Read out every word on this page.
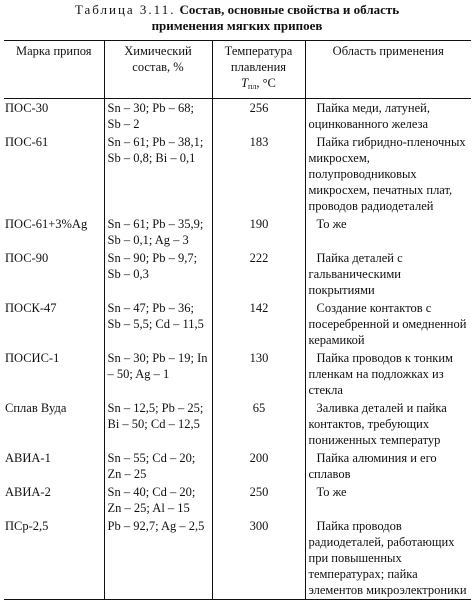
Таблица 3.11. Состав, основные свойства и область
применения мягких припоев
Марка припоя	Химический состав, %	Температура
плавления
Tпл, °C	Область применения
ПОС-30	Sn – 30; Pb – 68; Sb – 2	256	Пайка меди, латуней, оцинкованного железа
ПОС-61	Sn – 61; Pb – 38,1; Sb – 0,8; Bi – 0,1	183	Пайка гибридно-пленочных микросхем, полупроводниковых микросхем, печатных плат, проводов радиодеталей
ПОС-61+3%Ag	Sn – 61; Pb – 35,9; Sb – 0,1; Ag – 3	190	То же
ПОС-90	Sn – 90; Pb – 9,7; Sb – 0,3	222	Пайка деталей с гальваническими покрытиями
ПОСК-47	Sn – 47; Pb – 36; Sb – 5,5; Cd – 11,5	142	Создание контактов с посеребренной и омедненной керамикой
ПОСИС-1	Sn – 30; Pb – 19; In – 50; Ag – 1	130	Пайка проводов к тонким пленкам на подложках из стекла
Сплав Вуда	Sn – 12,5; Pb – 25; Bi – 50; Cd – 12,5	65	Заливка деталей и пайка контактов, требующих пониженных температур
АВИА-1	Sn – 55; Cd – 20; Zn – 25	200	Пайка алюминия и его сплавов
АВИА-2	Sn – 40; Cd – 20; Zn – 25; Al – 15	250	То же
ПСр-2,5	Pb – 92,7; Ag – 2,5	300	Пайка проводов радиодеталей, работающих при повышенных температурах; пайка элементов микроэлектроники
